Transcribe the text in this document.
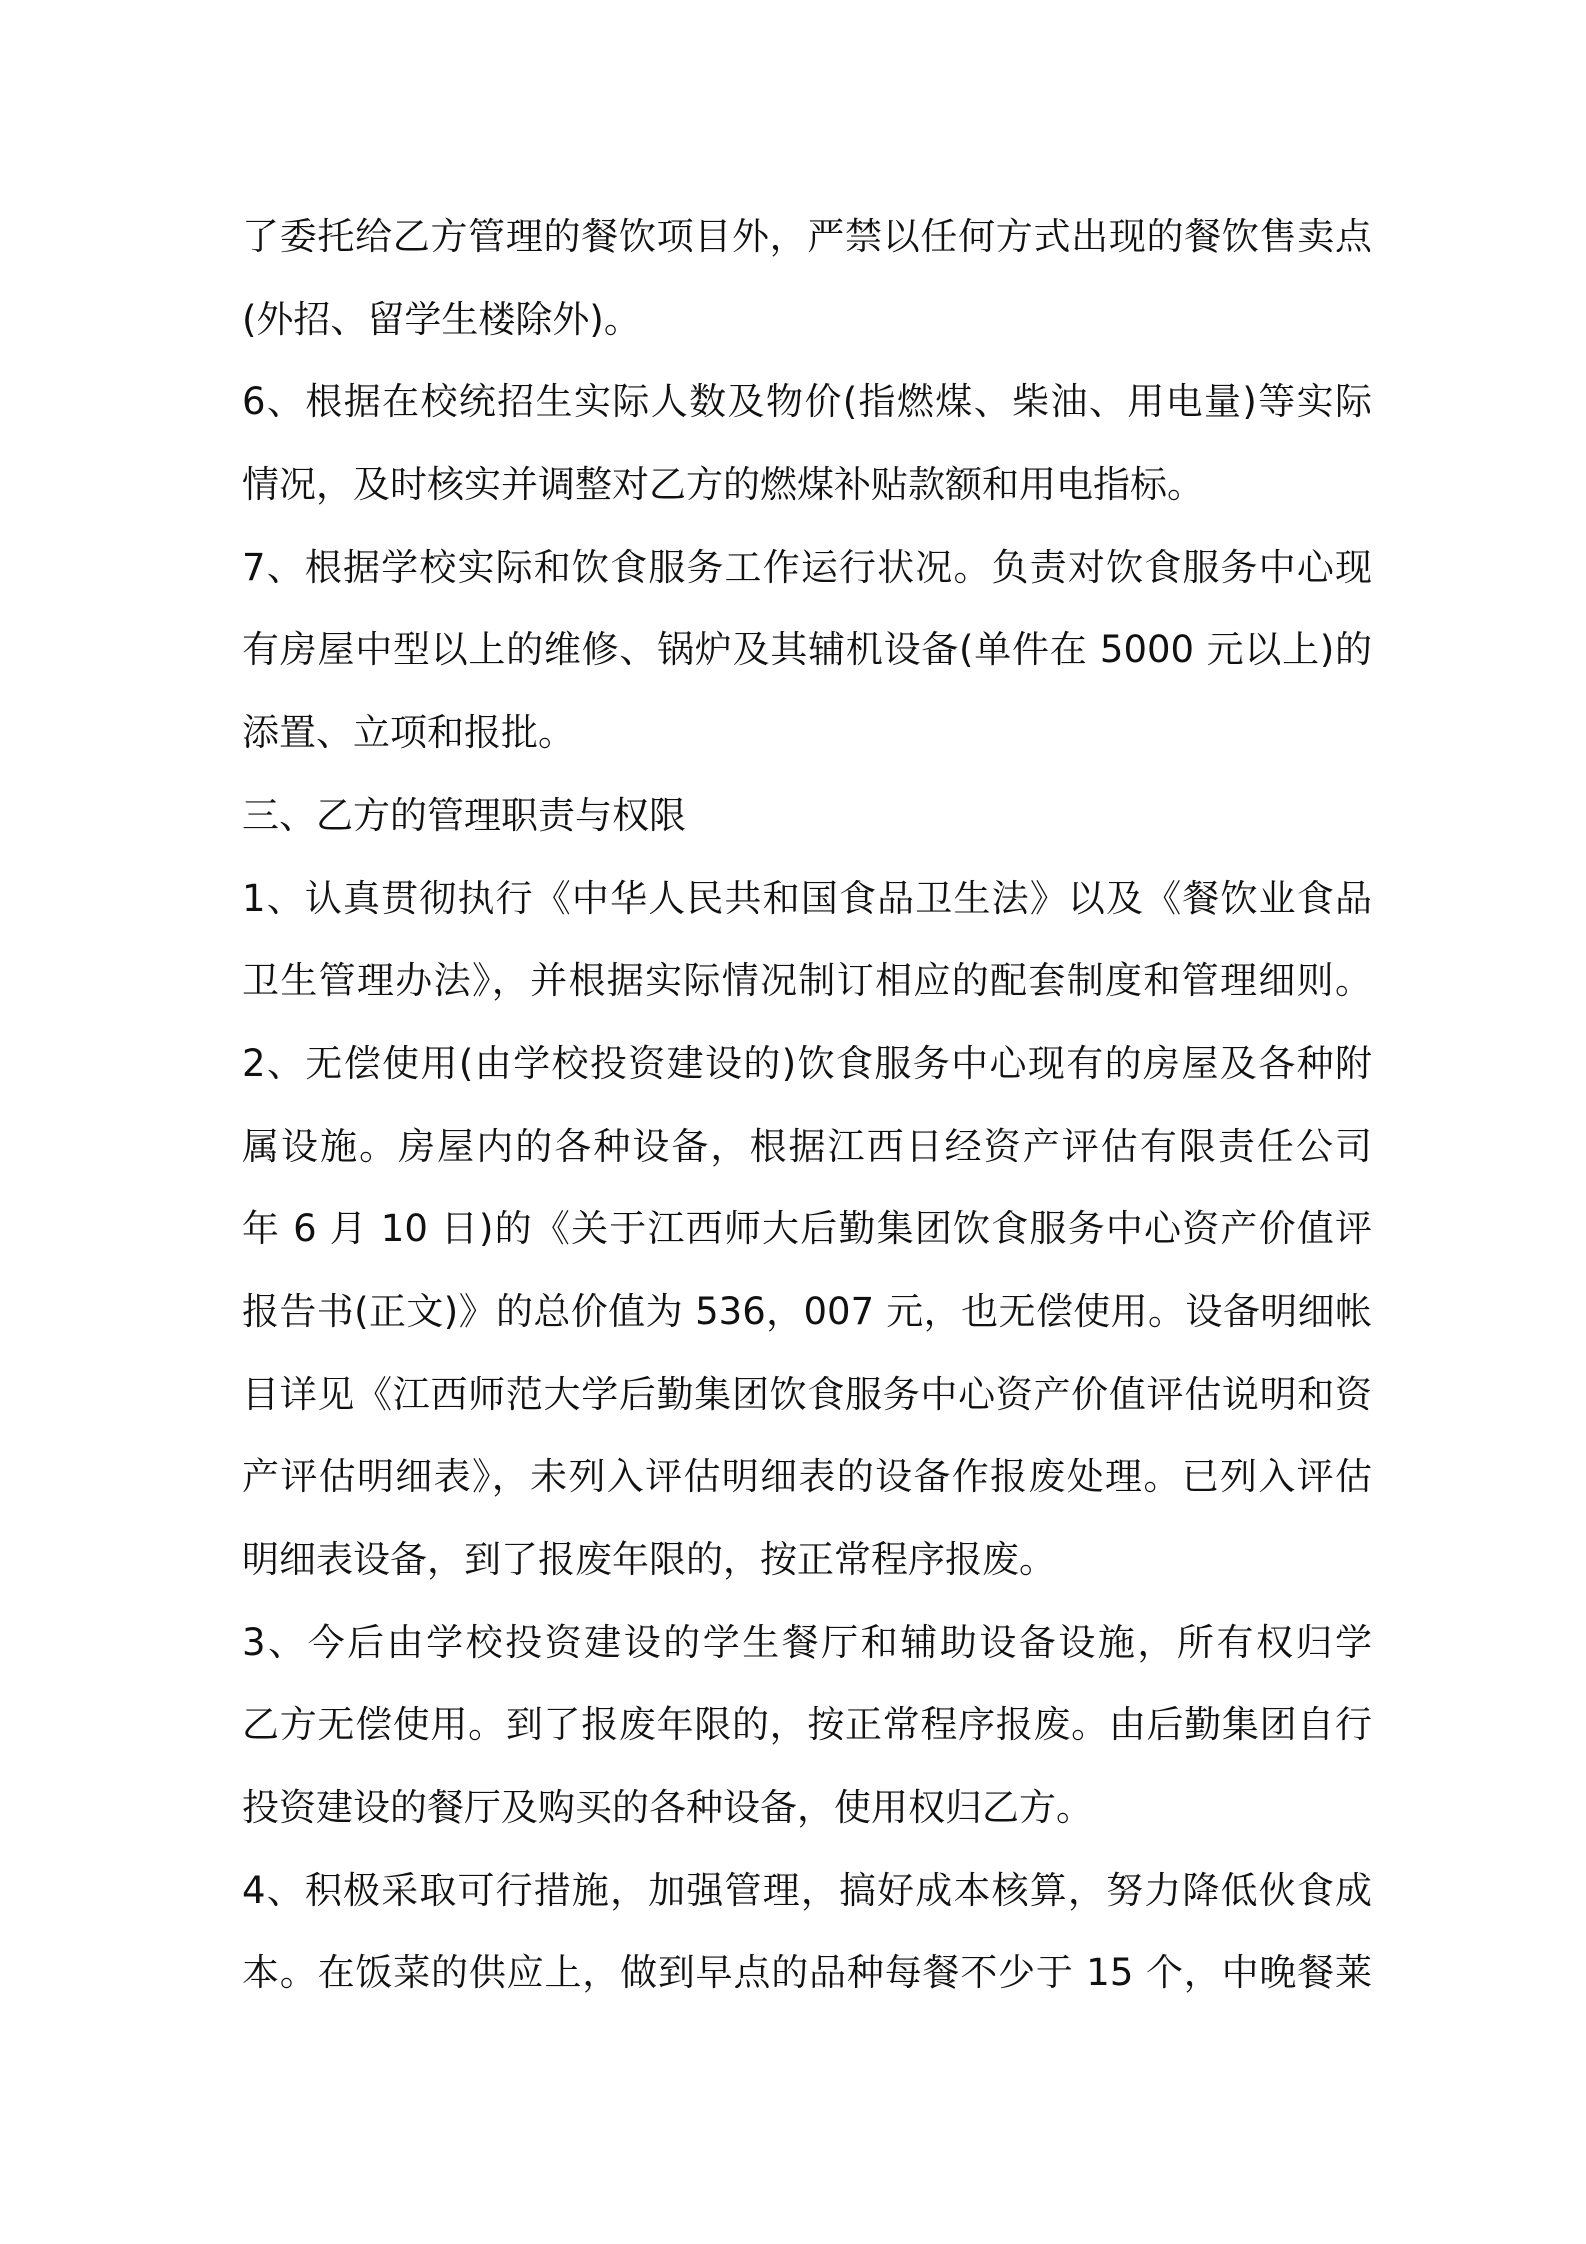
了委托给乙方管理的餐饮项目外，严禁以任何方式出现的餐饮售卖点
(外招、留学生楼除外)。
6、根据在校统招生实际人数及物价(指燃煤、柴油、用电量)等实际
情况，及时核实并调整对乙方的燃煤补贴款额和用电指标。
7、根据学校实际和饮食服务工作运行状况。负责对饮食服务中心现
有房屋中型以上的维修、锅炉及其辅机设备(单件在 5000 元以上)的
添置、立项和报批。
三、乙方的管理职责与权限
1、认真贯彻执行《中华人民共和国食品卫生法》以及《餐饮业食品
卫生管理办法》，并根据实际情况制订相应的配套制度和管理细则。
2、无偿使用(由学校投资建设的)饮食服务中心现有的房屋及各种附
属设施。房屋内的各种设备，根据江西日经资产评估有限责任公司
年 6 月 10 日)的《关于江西师大后勤集团饮食服务中心资产价值评
报告书(正文)》的总价值为 536，007 元，也无偿使用。设备明细帐
目详见《江西师范大学后勤集团饮食服务中心资产价值评估说明和资
产评估明细表》，未列入评估明细表的设备作报废处理。已列入评估
明细表设备，到了报废年限的，按正常程序报废。
3、今后由学校投资建设的学生餐厅和辅助设备设施，所有权归学
乙方无偿使用。到了报废年限的，按正常程序报废。由后勤集团自行
投资建设的餐厅及购买的各种设备，使用权归乙方。
4、积极采取可行措施，加强管理，搞好成本核算，努力降低伙食成
本。在饭菜的供应上，做到早点的品种每餐不少于 15 个，中晚餐莱
